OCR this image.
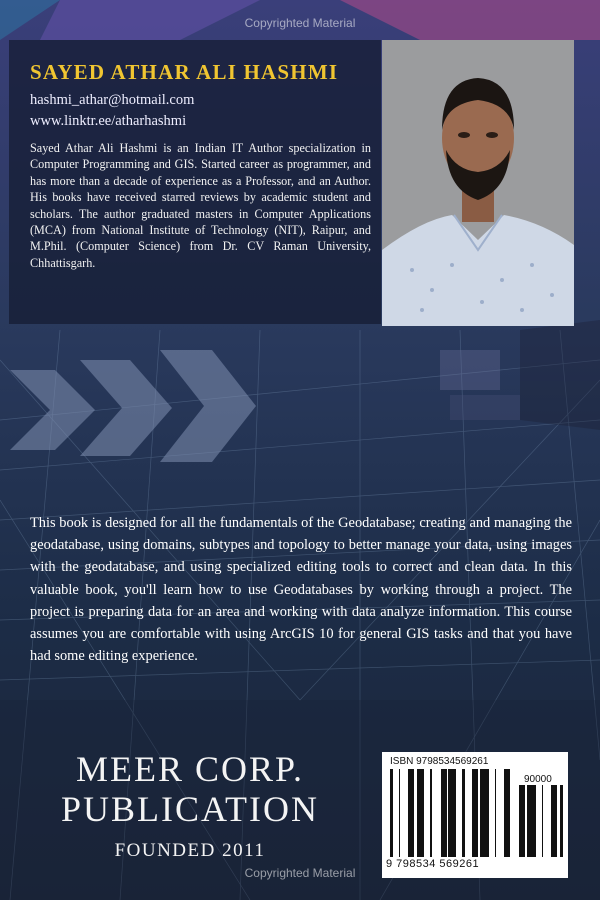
Copyrighted Material
SAYED ATHAR ALI HASHMI
hashmi_athar@hotmail.com
www.linktr.ee/atharhashmi
Sayed Athar Ali Hashmi is an Indian IT Author specialization in Computer Programming and GIS. Started career as programmer, and has more than a decade of experience as a Professor, and an Author. His books have received starred reviews by academic student and scholars. The author graduated masters in Computer Applications (MCA) from National Institute of Technology (NIT), Raipur, and M.Phil. (Computer Science) from Dr. CV Raman University, Chhattisgarh.
This book is designed for all the fundamentals of the Geodatabase; creating and managing the geodatabase, using domains, subtypes and topology to better manage your data, using images with the geodatabase, and using specialized editing tools to correct and clean data. In this valuable book, you'll learn how to use Geodatabases by working through a project. The project is preparing data for an area and working with data analyze information. This course assumes you are comfortable with using ArcGIS 10 for general GIS tasks and that you have had some editing experience.
MEER CORP.
PUBLICATION
FOUNDED 2011
ISBN 9798534569261
90000
9 798534 569261
Copyrighted Material
